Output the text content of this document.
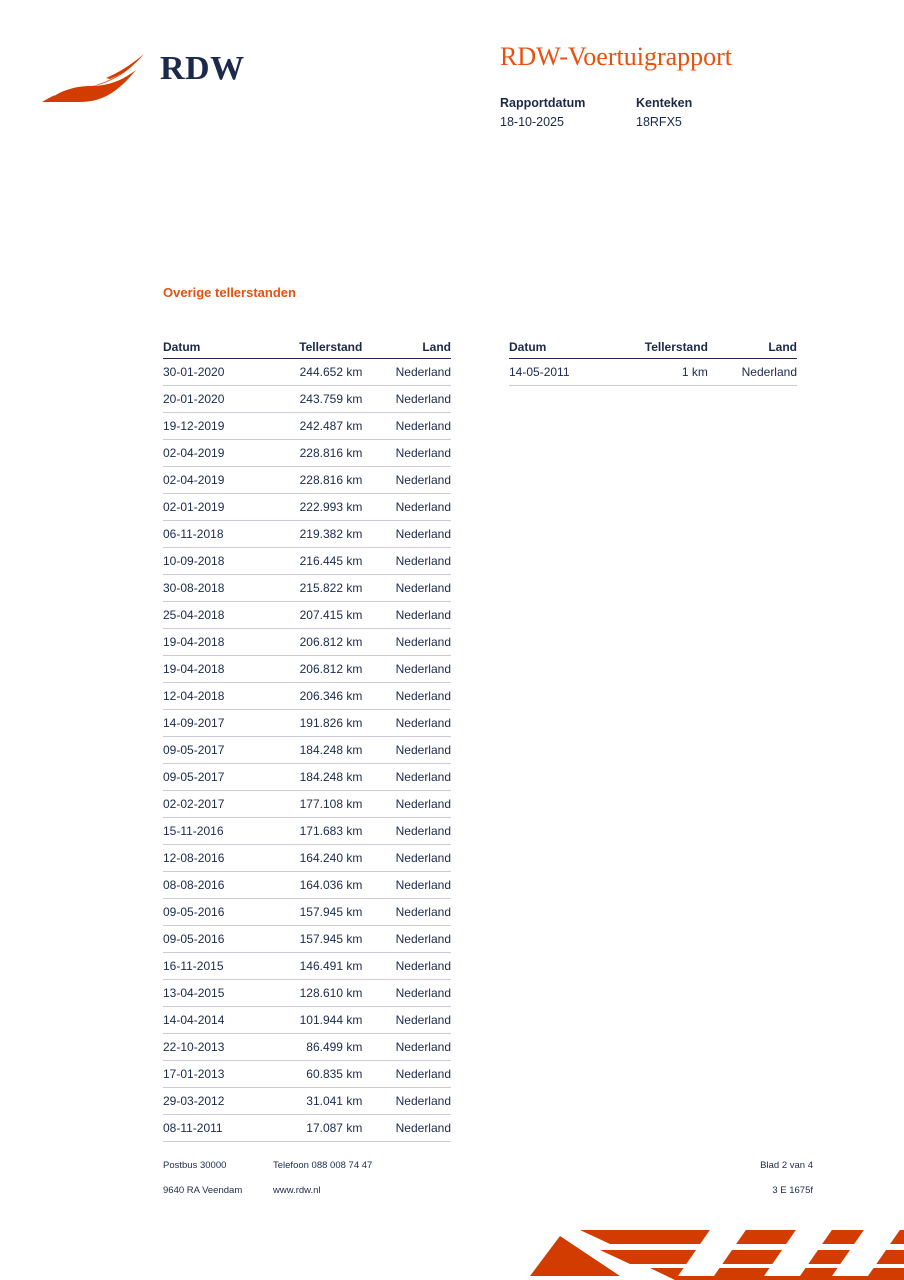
RDW	RDW-Voertuigrapport
Rapportdatum	Kenteken
18-10-2025	18RFX5
Overige tellerstanden
Datum	Tellerstand	Land
30-01-2020	244.652 km	Nederland
20-01-2020	243.759 km	Nederland
19-12-2019	242.487 km	Nederland
02-04-2019	228.816 km	Nederland
02-04-2019	228.816 km	Nederland
02-01-2019	222.993 km	Nederland
06-11-2018	219.382 km	Nederland
10-09-2018	216.445 km	Nederland
30-08-2018	215.822 km	Nederland
25-04-2018	207.415 km	Nederland
19-04-2018	206.812 km	Nederland
19-04-2018	206.812 km	Nederland
12-04-2018	206.346 km	Nederland
14-09-2017	191.826 km	Nederland
09-05-2017	184.248 km	Nederland
09-05-2017	184.248 km	Nederland
02-02-2017	177.108 km	Nederland
15-11-2016	171.683 km	Nederland
12-08-2016	164.240 km	Nederland
08-08-2016	164.036 km	Nederland
09-05-2016	157.945 km	Nederland
09-05-2016	157.945 km	Nederland
16-11-2015	146.491 km	Nederland
13-04-2015	128.610 km	Nederland
14-04-2014	101.944 km	Nederland
22-10-2013	86.499 km	Nederland
17-01-2013	60.835 km	Nederland
29-03-2012	31.041 km	Nederland
08-11-2011	17.087 km	Nederland
Datum	Tellerstand	Land
14-05-2011	1 km	Nederland
Postbus 30000	Telefoon 088 008 74 47	Blad 2 van 4
9640 RA Veendam	www.rdw.nl	3 E 1675f
